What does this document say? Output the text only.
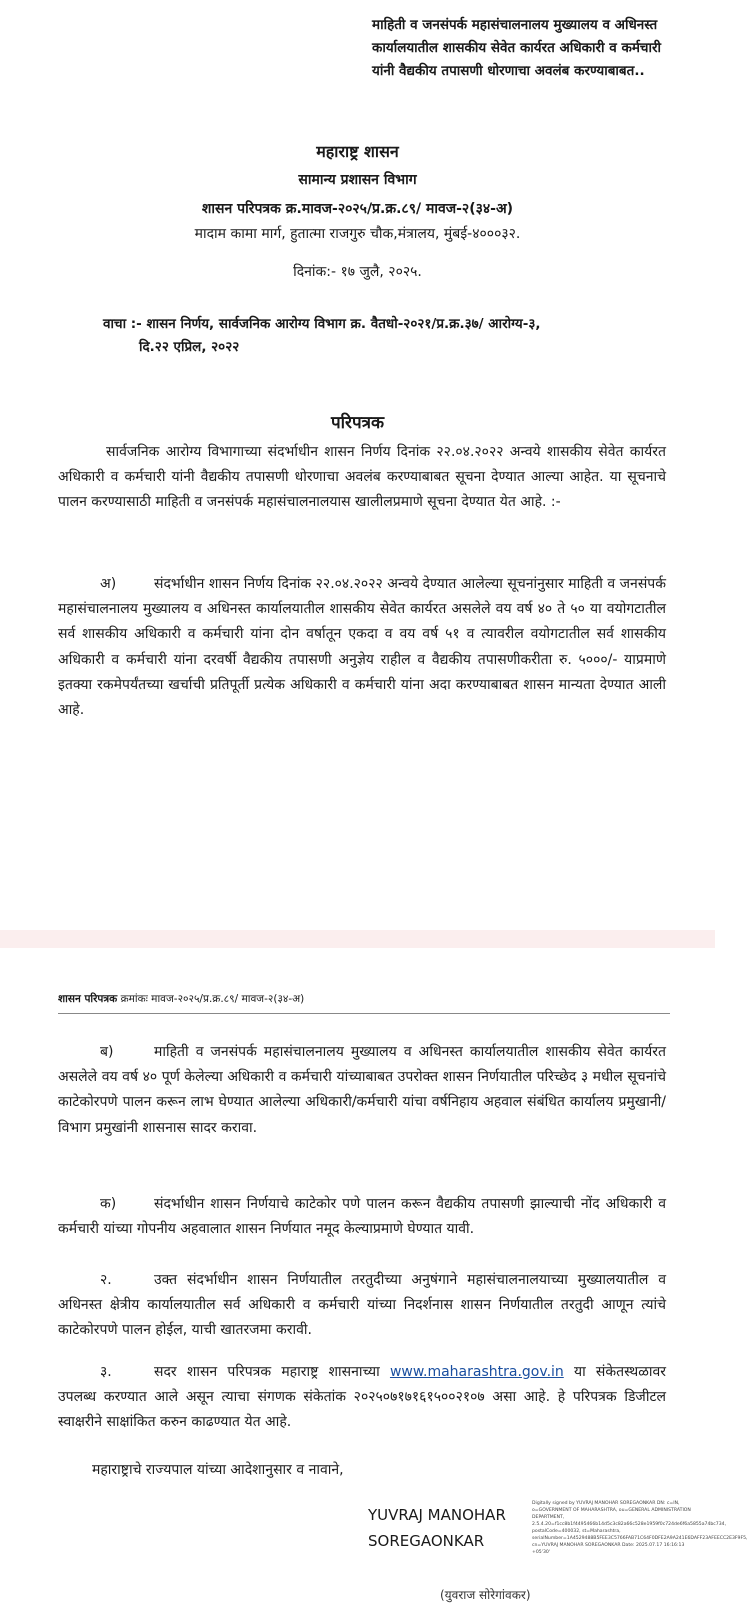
माहिती व जनसंपर्क महासंचालनालय मुख्यालय व अधिनस्त कार्यालयातील शासकीय सेवेत कार्यरत अधिकारी व कर्मचारी यांनी वैद्यकीय तपासणी धोरणाचा अवलंब करण्याबाबत..
महाराष्ट्र शासन
सामान्य प्रशासन विभाग
शासन परिपत्रक क्र.मावज-२०२५/प्र.क्र.८९/ मावज-२(३४-अ)
मादाम कामा मार्ग, हुतात्मा राजगुरु चौक,मंत्रालय, मुंबई-४०००३२.
दिनांक:- १७ जुलै, २०२५.
वाचा :- शासन निर्णय, सार्वजनिक आरोग्य विभाग क्र. वैतधो-२०२१/प्र.क्र.३७/ आरोग्य-३,
दि.२२ एप्रिल, २०२२
परिपत्रक
सार्वजनिक आरोग्य विभागाच्या संदर्भाधीन शासन निर्णय दिनांक २२.०४.२०२२ अन्वये शासकीय सेवेत कार्यरत अधिकारी व कर्मचारी यांनी वैद्यकीय तपासणी धोरणाचा अवलंब करण्याबाबत सूचना देण्यात आल्या आहेत. या सूचनाचे पालन करण्यासाठी माहिती व जनसंपर्क महासंचालनालयास खालीलप्रमाणे सूचना देण्यात येत आहे. :-
अ)	संदर्भाधीन शासन निर्णय दिनांक २२.०४.२०२२ अन्वये देण्यात आलेल्या सूचनांनुसार माहिती व जनसंपर्क महासंचालनालय मुख्यालय व अधिनस्त कार्यालयातील शासकीय सेवेत कार्यरत असलेले वय वर्ष ४० ते ५० या वयोगटातील सर्व शासकीय अधिकारी व कर्मचारी यांना दोन वर्षातून एकदा व वय वर्ष ५१ व त्यावरील वयोगटातील सर्व शासकीय अधिकारी व कर्मचारी यांना दरवर्षी वैद्यकीय तपासणी अनुज्ञेय राहील व वैद्यकीय तपासणीकरीता रु. ५०००/- याप्रमाणे इतक्या रकमेपर्यंतच्या खर्चाची प्रतिपूर्ती प्रत्येक अधिकारी व कर्मचारी यांना अदा करण्याबाबत शासन मान्यता देण्यात आली आहे.
शासन परिपत्रक क्रमांकः मावज-२०२५/प्र.क्र.८९/ मावज-२(३४-अ)
ब)	माहिती व जनसंपर्क महासंचालनालय मुख्यालय व अधिनस्त कार्यालयातील शासकीय सेवेत कार्यरत असलेले वय वर्ष ४० पूर्ण केलेल्या अधिकारी व कर्मचारी यांच्याबाबत उपरोक्त शासन निर्णयातील परिच्छेद ३ मधील सूचनांचे काटेकोरपणे पालन करून लाभ घेण्यात आलेल्या अधिकारी/कर्मचारी यांचा वर्षनिहाय अहवाल संबंधित कार्यालय प्रमुखानी/ विभाग प्रमुखांनी शासनास सादर करावा.
क)	संदर्भाधीन शासन निर्णयाचे काटेकोर पणे पालन करून वैद्यकीय तपासणी झाल्याची नोंद अधिकारी व कर्मचारी यांच्या गोपनीय अहवालात शासन निर्णयात नमूद केल्याप्रमाणे घेण्यात यावी.
२.	उक्त संदर्भाधीन शासन निर्णयातील तरतुदीच्या अनुषंगाने महासंचालनालयाच्या मुख्यालयातील व अधिनस्त क्षेत्रीय कार्यालयातील सर्व अधिकारी व कर्मचारी यांच्या निदर्शनास शासन निर्णयातील तरतुदी आणून त्यांचे काटेकोरपणे पालन होईल, याची खातरजमा करावी.
३.	सदर शासन परिपत्रक महाराष्ट्र शासनाच्या www.maharashtra.gov.in या संकेतस्थळावर उपलब्ध करण्यात आले असून त्याचा संगणक संकेतांक २०२५०७१७१६१५००२१०७ असा आहे. हे परिपत्रक डिजीटल स्वाक्षरीने साक्षांकित करुन काढण्यात येत आहे.
महाराष्ट्राचे राज्यपाल यांच्या आदेशानुसार व नावाने,
YUVRAJ MANOHAR
SOREGAONKAR
Digitally signed by YUVRAJ MANOHAR SOREGAONKAR DN: c=IN, o=GOVERNMENT OF MAHARASHTRA, ou=GENERAL ADMINISTRATION DEPARTMENT, 2.5.4.20=f1cc8b1f4495466b14d5c3c82a66c528e1959f0c724de6f6a5855a74bc734, postalCode=400032, st=Maharashtra, serialNumber=1A4529488B5FEE3C5766FAB71C64F0DFE2A9A241E6DAFF23AFEECC2E3F9F5, cn=YUVRAJ MANOHAR SOREGAONKAR Date: 2025.07.17 16:16:13 +05'30'
(युवराज सोरेगांवकर)
